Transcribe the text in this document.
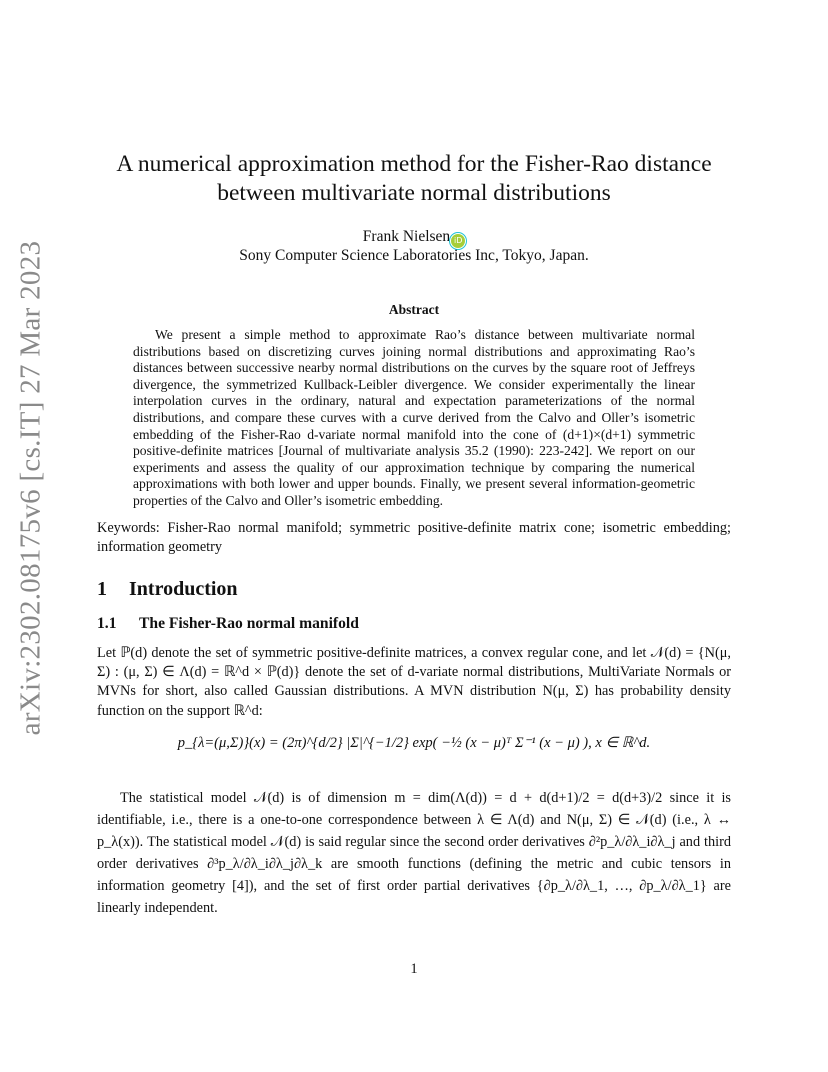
arXiv:2302.08175v6 [cs.IT] 27 Mar 2023
A numerical approximation method for the Fisher-Rao distance
between multivariate normal distributions
Frank Nielsen iD
Sony Computer Science Laboratories Inc, Tokyo, Japan.
Abstract

We present a simple method to approximate Rao’s distance between multivariate normal distributions based on discretizing curves joining normal distributions and approximating Rao’s distances between successive nearby normal distributions on the curves by the square root of Jeffreys divergence, the symmetrized Kullback-Leibler divergence. We consider experimentally the linear interpolation curves in the ordinary, natural and expectation parameterizations of the normal distributions, and compare these curves with a curve derived from the Calvo and Oller’s isometric embedding of the Fisher-Rao d-variate normal manifold into the cone of (d+1)×(d+1) symmetric positive-definite matrices [Journal of multivariate analysis 35.2 (1990): 223-242]. We report on our experiments and assess the quality of our approximation technique by comparing the numerical approximations with both lower and upper bounds. Finally, we present several information-geometric properties of the Calvo and Oller’s isometric embedding.

Keywords: Fisher-Rao normal manifold; symmetric positive-definite matrix cone; isometric embedding; information geometry

1 Introduction
1.1 The Fisher-Rao normal manifold

Let ℙ(d) denote the set of symmetric positive-definite matrices, a convex regular cone, and let 𝒩(d) = {N(μ, Σ) : (μ, Σ) ∈ Λ(d) = ℝ^d × ℙ(d)} denote the set of d-variate normal distributions, MultiVariate Normals or MVNs for short, also called Gaussian distributions. A MVN distribution N(μ, Σ) has probability density function on the support ℝ^d:

p_{λ=(μ,Σ)}(x) = (2π)^{d/2} |Σ|^{−1/2} exp( −½ (x − μ)ᵀ Σ⁻¹ (x − μ) ), x ∈ ℝ^d.

The statistical model 𝒩(d) is of dimension m = dim(Λ(d)) = d + d(d+1)/2 = d(d+3)/2 since it is identifiable, i.e., there is a one-to-one correspondence between λ ∈ Λ(d) and N(μ, Σ) ∈ 𝒩(d) (i.e., λ ↔ p_λ(x)). The statistical model 𝒩(d) is said regular since the second order derivatives ∂²p_λ/∂λ_i∂λ_j and third order derivatives ∂³p_λ/∂λ_i∂λ_j∂λ_k are smooth functions (defining the metric and cubic tensors in information geometry [4]), and the set of first order partial derivatives {∂p_λ/∂λ_1, …, ∂p_λ/∂λ_1} are linearly independent.

1
